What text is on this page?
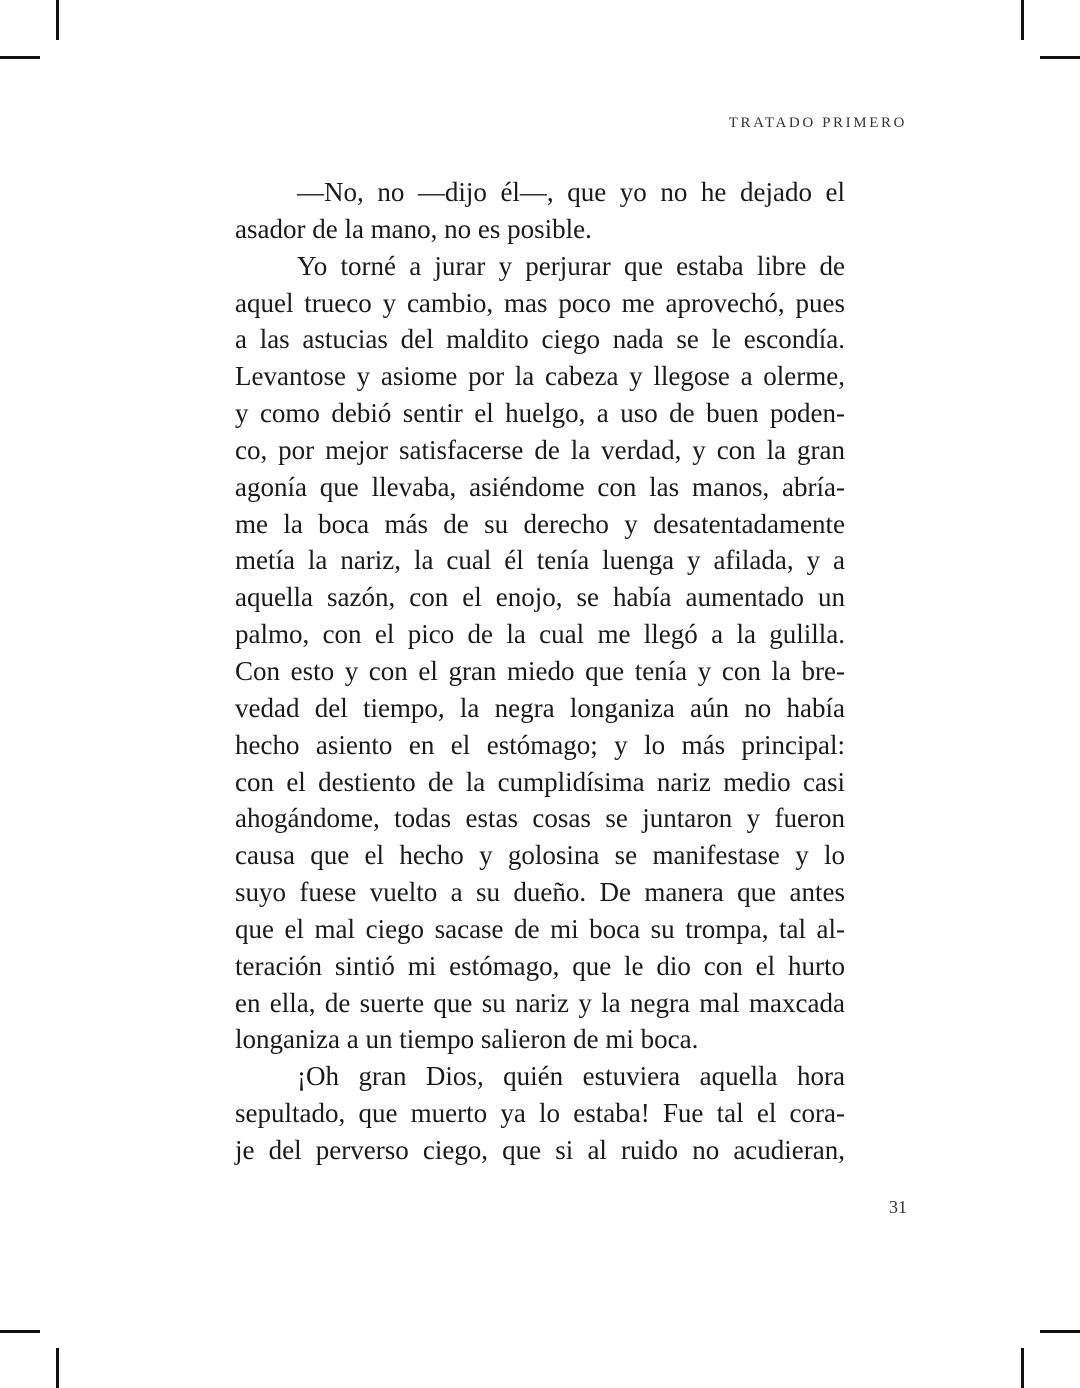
TRATADO PRIMERO

—No, no —dijo él—, que yo no he dejado el
asador de la mano, no es posible.

Yo torné a jurar y perjurar que estaba libre de
aquel trueco y cambio, mas poco me aprovechó, pues
a las astucias del maldito ciego nada se le escondía.
Levantose y asiome por la cabeza y llegose a olerme,
y como debió sentir el huelgo, a uso de buen poden-
co, por mejor satisfacerse de la verdad, y con la gran
agonía que llevaba, asiéndome con las manos, abría-
me la boca más de su derecho y desatentadamente
metía la nariz, la cual él tenía luenga y afilada, y a
aquella sazón, con el enojo, se había aumentado un
palmo, con el pico de la cual me llegó a la gulilla.
Con esto y con el gran miedo que tenía y con la bre-
vedad del tiempo, la negra longaniza aún no había
hecho asiento en el estómago; y lo más principal:
con el destiento de la cumplidísima nariz medio casi
ahogándome, todas estas cosas se juntaron y fueron
causa que el hecho y golosina se manifestase y lo
suyo fuese vuelto a su dueño. De manera que antes
que el mal ciego sacase de mi boca su trompa, tal al-
teración sintió mi estómago, que le dio con el hurto
en ella, de suerte que su nariz y la negra mal maxcada
longaniza a un tiempo salieron de mi boca.

¡Oh gran Dios, quién estuviera aquella hora
sepultado, que muerto ya lo estaba! Fue tal el cora-
je del perverso ciego, que si al ruido no acudieran,

31
